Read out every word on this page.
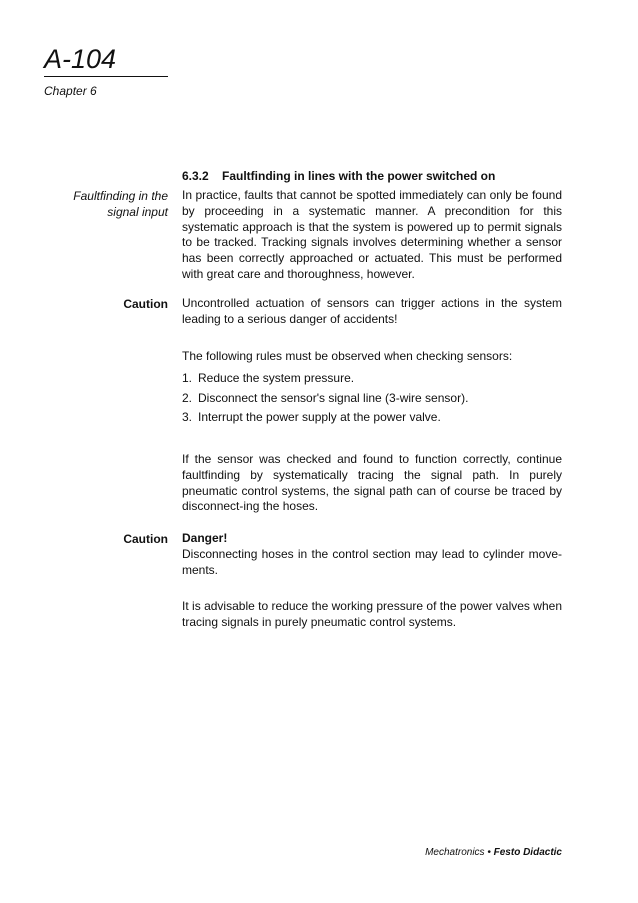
A-104
Chapter 6
6.3.2 Faultfinding in lines with the power switched on
Faultfinding in the
signal input
In practice, faults that cannot be spotted immediately can only be found by proceeding in a systematic manner. A precondition for this systematic approach is that the system is powered up to permit signals to be tracked. Tracking signals involves determining whether a sensor has been correctly approached or actuated. This must be performed with great care and thoroughness, however.
Caution Uncontrolled actuation of sensors can trigger actions in the system leading to a serious danger of accidents!
The following rules must be observed when checking sensors:
1. Reduce the system pressure.
2. Disconnect the sensor's signal line (3-wire sensor).
3. Interrupt the power supply at the power valve.
If the sensor was checked and found to function correctly, continue faultfinding by systematically tracing the signal path. In purely pneumatic control systems, the signal path can of course be traced by disconnect-ing the hoses.
Caution Danger!
Disconnecting hoses in the control section may lead to cylinder move-ments.
It is advisable to reduce the working pressure of the power valves when tracing signals in purely pneumatic control systems.
Mechatronics • Festo Didactic
